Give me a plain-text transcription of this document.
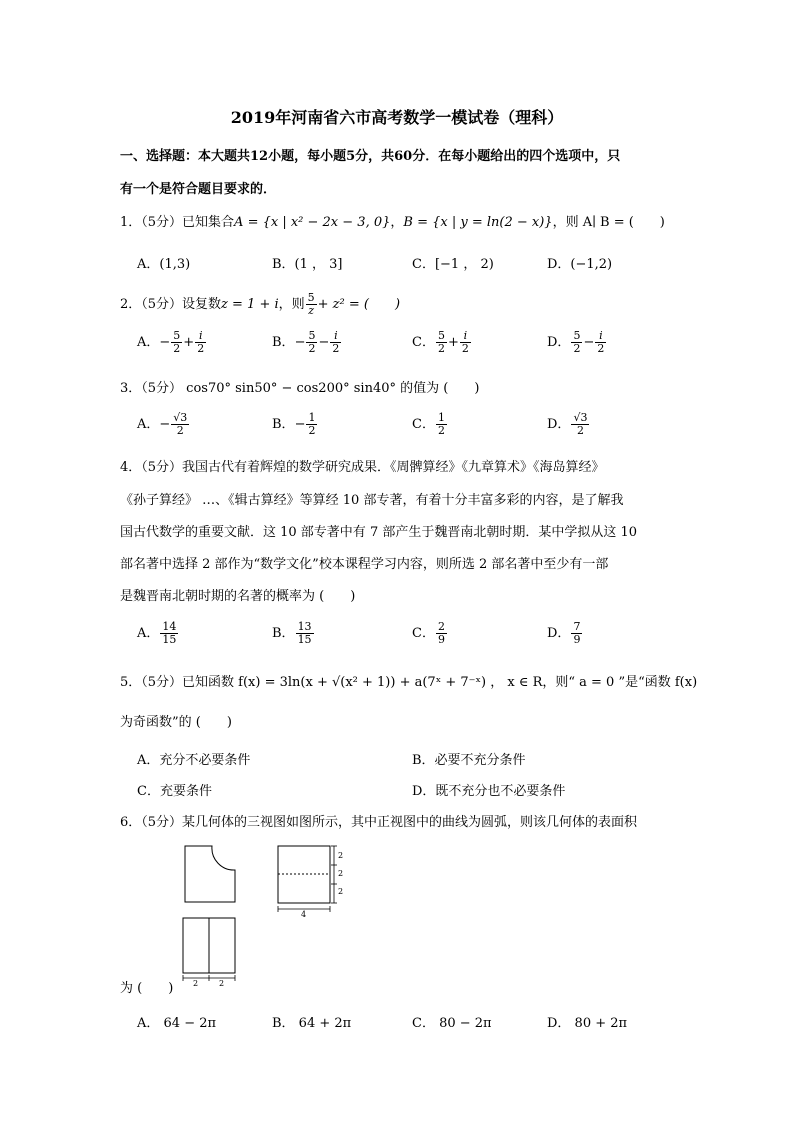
2019年河南省六市高考数学一模试卷（理科）
一、选择题：本大题共12小题，每小题5分，共60分．在每小题给出的四个选项中，只
有一个是符合题目要求的．
1．（5分）已知集合A = {x | x² − 2x − 3, 0}，B = {x | y = ln(2 − x)}，则 A∣ B = (　　)
A．(1,3)	B．(1 ， 3]	C．[−1 ， 2)	D．(−1,2)
2．（5分）设复数z = 1 + i，则 $\frac{5}{z} + z^2$ = (　　)
A．− $\frac{5}{2} + \frac{i}{2}$	B．− $\frac{5}{2} - \frac{i}{2}$	C． $\frac{5}{2} + \frac{i}{2}$	D． $\frac{5}{2} - \frac{i}{2}$
3．（5分） cos70° sin50° − cos200° sin40° 的值为 (　　)
A．− $\frac{√3}{2}$	B．− $\frac{1}{2}$	C． $\frac{1}{2}$	D． $\frac{√3}{2}$
4．（5分）我国古代有着辉煌的数学研究成果．《周髀算经》《九章算术》《海岛算经》
《孙子算经》 …、《辑古算经》等算经 10 部专著，有着十分丰富多彩的内容，是了解我
国古代数学的重要文献．这 10 部专著中有 7 部产生于魏晋南北朝时期．某中学拟从这 10
部名著中选择 2 部作为“数学文化”校本课程学习内容，则所选 2 部名著中至少有一部
是魏晋南北朝时期的名著的概率为 (　　)
A． $\frac{14}{15}$	B． $\frac{13}{15}$	C． $\frac{2}{9}$	D． $\frac{7}{9}$
5．（5分）已知函数 f(x) = 3ln(x + √(x² + 1)) + a(7ˣ + 7⁻ˣ) ， x ∈ R，则“ a = 0 ”是“函数 f(x)
为奇函数”的 (　　)
A．充分不必要条件	B．必要不充分条件
C．充要条件	D．既不充分也不必要条件
6．（5分）某几何体的三视图如图所示，其中正视图中的曲线为圆弧，则该几何体的表面积
2
2
2
4
2	2
为 (　　)
A． 64 − 2π	B． 64 + 2π	C． 80 − 2π	D． 80 + 2π
